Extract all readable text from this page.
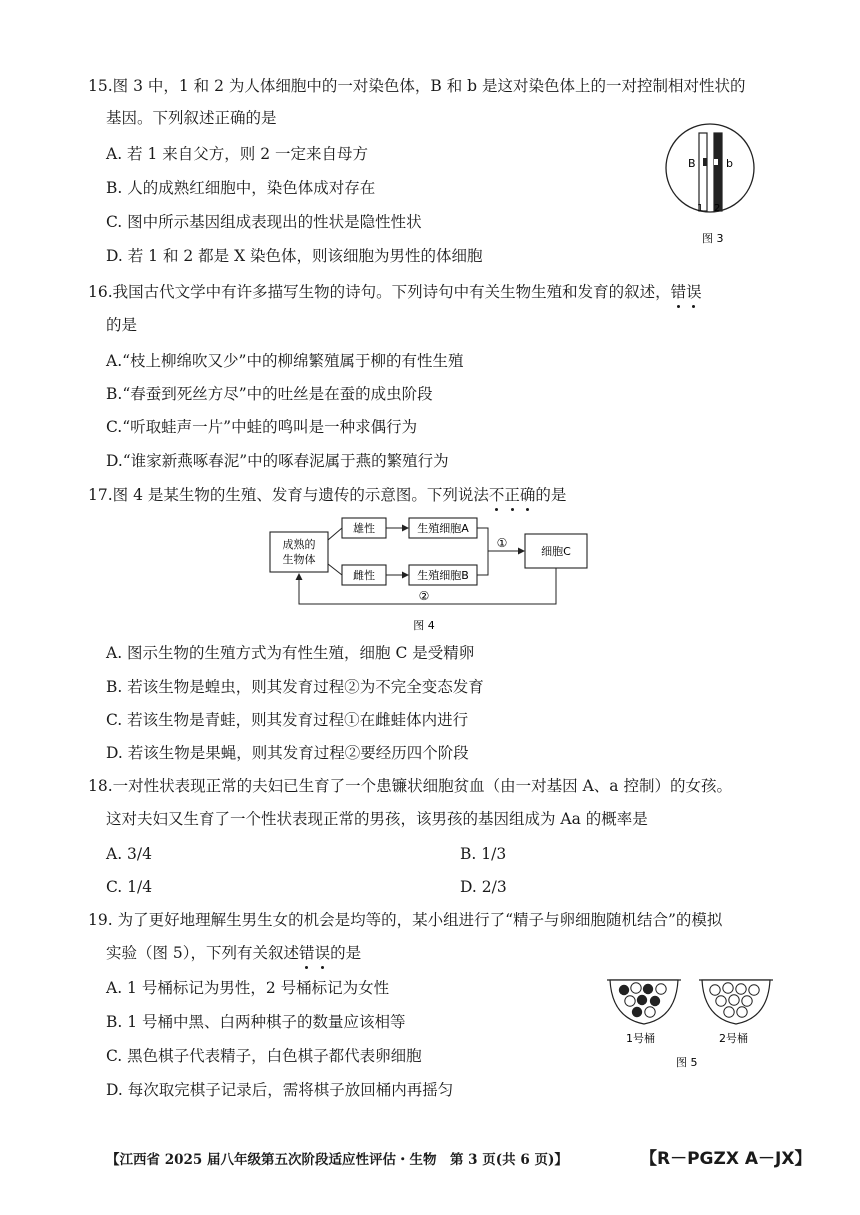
15.图 3 中，1 和 2 为人体细胞中的一对染色体，B 和 b 是这对染色体上的一对控制相对性状的
基因。下列叙述正确的是
A. 若 1 来自父方，则 2 一定来自母方
B. 人的成熟红细胞中，染色体成对存在
C. 图中所示基因组成表现出的性状是隐性性状
D. 若 1 和 2 都是 X 染色体，则该细胞为男性的体细胞
B	b
1 2
图 3
16.我国古代文学中有许多描写生物的诗句。下列诗句中有关生物生殖和发育的叙述，错误
的是
A.“枝上柳绵吹又少”中的柳绵繁殖属于柳的有性生殖
B.“春蚕到死丝方尽”中的吐丝是在蚕的成虫阶段
C.“听取蛙声一片”中蛙的鸣叫是一种求偶行为
D.“谁家新燕啄春泥”中的啄春泥属于燕的繁殖行为
17.图 4 是某生物的生殖、发育与遗传的示意图。下列说法不正确的是
成熟的
生物体
雄性
雌性
生殖细胞A
生殖细胞B
①
细胞C
②
图 4
A. 图示生物的生殖方式为有性生殖，细胞 C 是受精卵
B. 若该生物是蝗虫，则其发育过程②为不完全变态发育
C. 若该生物是青蛙，则其发育过程①在雌蛙体内进行
D. 若该生物是果蝇，则其发育过程②要经历四个阶段
18.一对性状表现正常的夫妇已生育了一个患镰状细胞贫血（由一对基因 A、a 控制）的女孩。
这对夫妇又生育了一个性状表现正常的男孩，该男孩的基因组成为 Aa 的概率是
A. 3/4	B. 1/3
C. 1/4	D. 2/3
19. 为了更好地理解生男生女的机会是均等的，某小组进行了“精子与卵细胞随机结合”的模拟
实验（图 5），下列有关叙述错误的是
A. 1 号桶标记为男性，2 号桶标记为女性
B. 1 号桶中黑、白两种棋子的数量应该相等
C. 黑色棋子代表精子，白色棋子都代表卵细胞
D. 每次取完棋子记录后，需将棋子放回桶内再摇匀
1号桶	2号桶
图 5
【江西省 2025 届八年级第五次阶段适应性评估・生物　第 3 页(共 6 页)】	【R－PGZX A－JX】
